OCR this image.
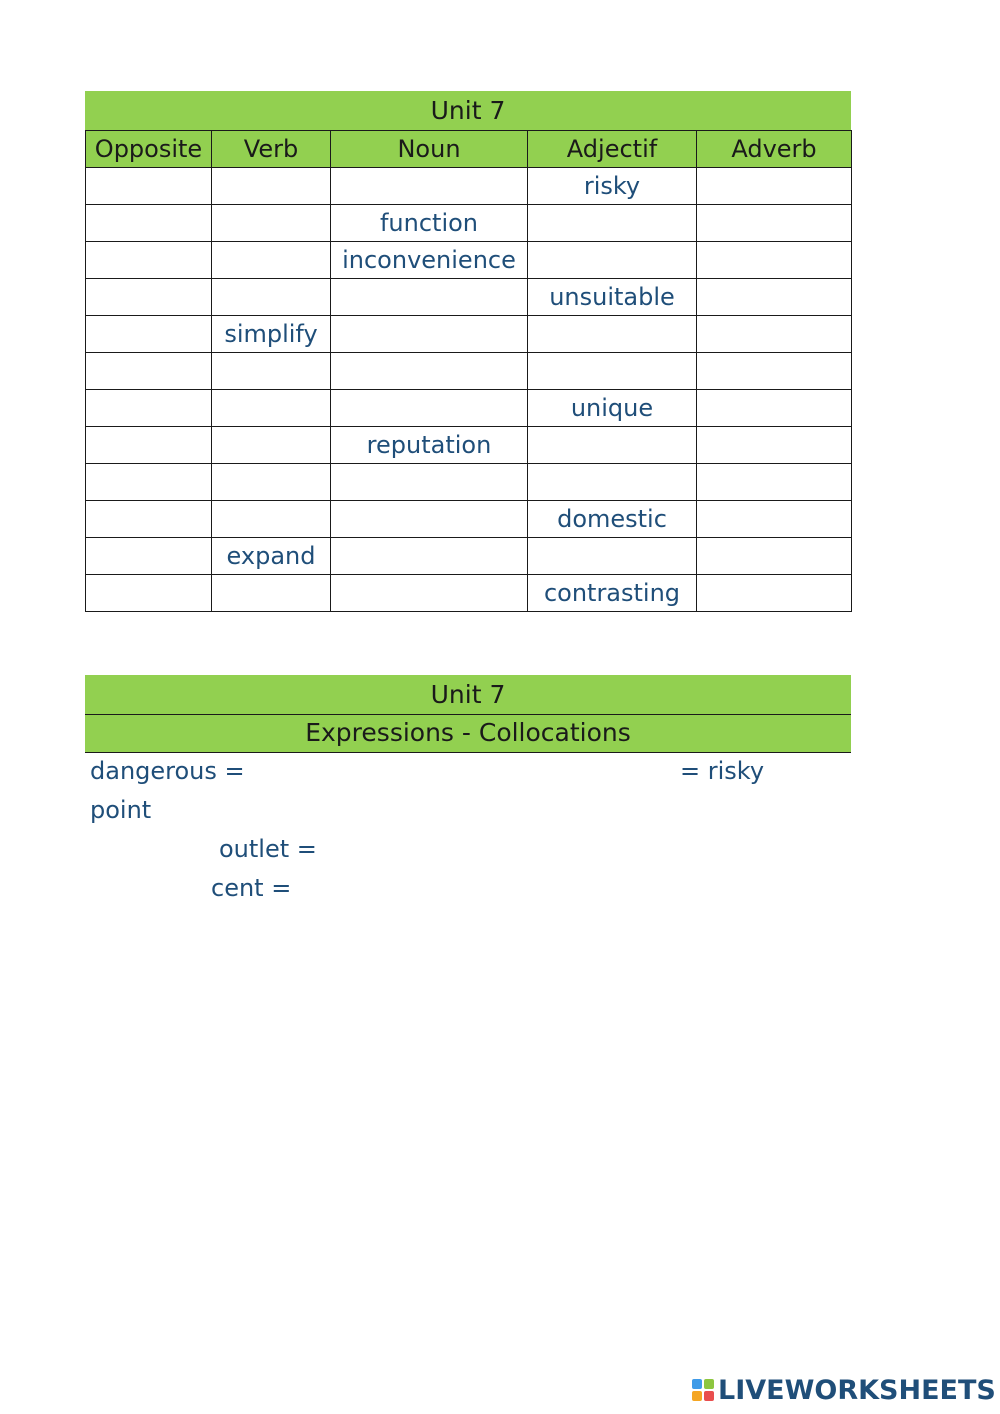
Unit 7
Opposite	Verb	Noun	Adjectif	Adverb
			risky	
		function		
		inconvenience		
			unsuitable	
	simplify			

			unique	
		reputation		

			domestic	
	expand			
			contrasting	
Unit 7
Expressions - Collocations
dangerous =	= risky
point
outlet =
cent =
LIVEWORKSHEETS
